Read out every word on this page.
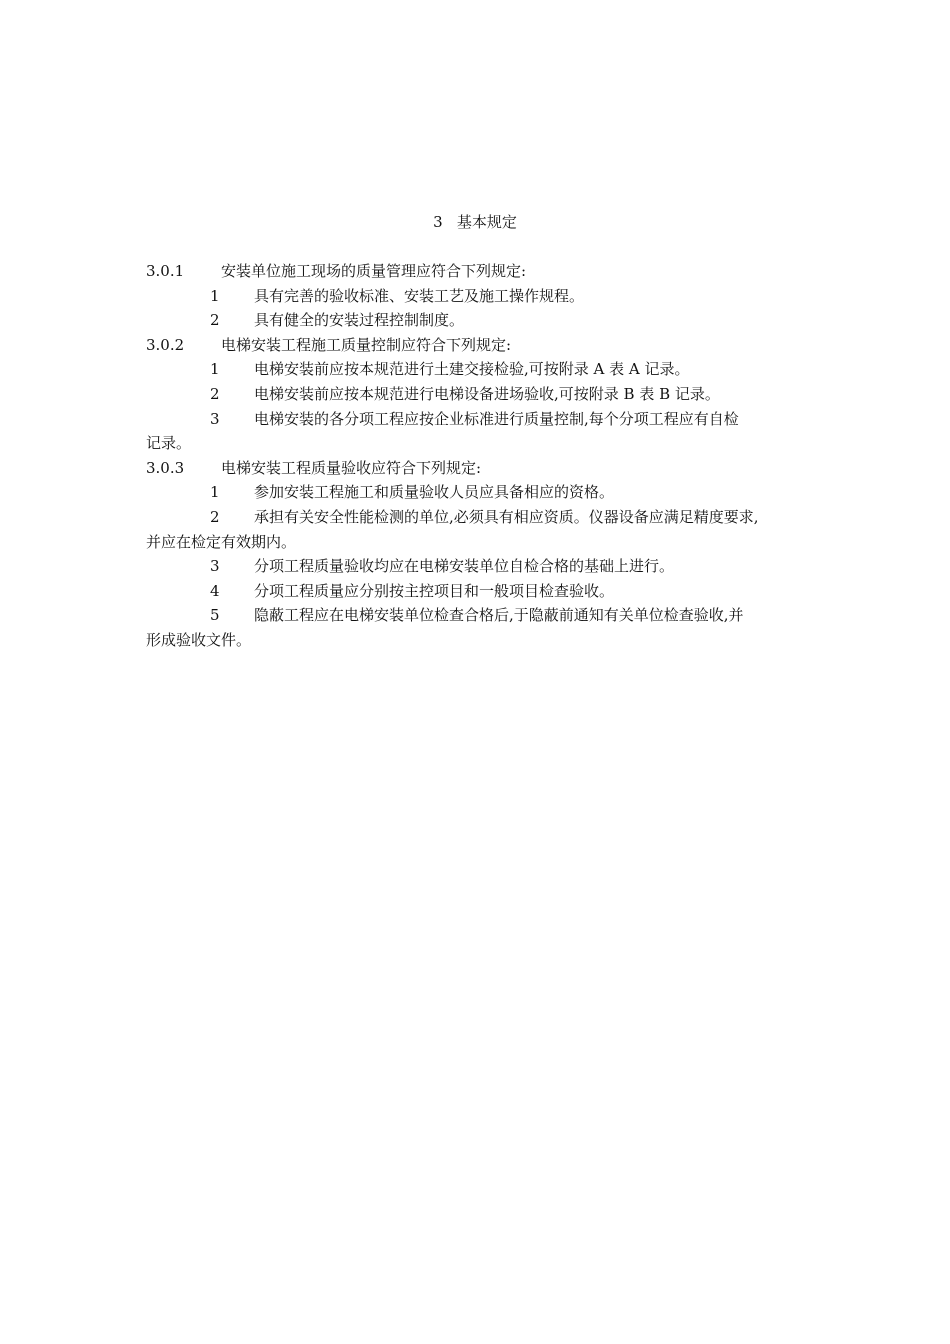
3 基本规定
3.0.1 安装单位施工现场的质量管理应符合下列规定:
1 具有完善的验收标准、安装工艺及施工操作规程。
2 具有健全的安装过程控制制度。
3.0.2 电梯安装工程施工质量控制应符合下列规定:
1 电梯安装前应按本规范进行土建交接检验,可按附录 A 表 A 记录。
2 电梯安装前应按本规范进行电梯设备进场验收,可按附录 B 表 B 记录。
3 电梯安装的各分项工程应按企业标准进行质量控制,每个分项工程应有自检
记录。
3.0.3 电梯安装工程质量验收应符合下列规定:
1 参加安装工程施工和质量验收人员应具备相应的资格。
2 承担有关安全性能检测的单位,必须具有相应资质。仪器设备应满足精度要求,
并应在检定有效期内。
3 分项工程质量验收均应在电梯安装单位自检合格的基础上进行。
4 分项工程质量应分别按主控项目和一般项目检查验收。
5 隐蔽工程应在电梯安装单位检查合格后,于隐蔽前通知有关单位检查验收,并
形成验收文件。
